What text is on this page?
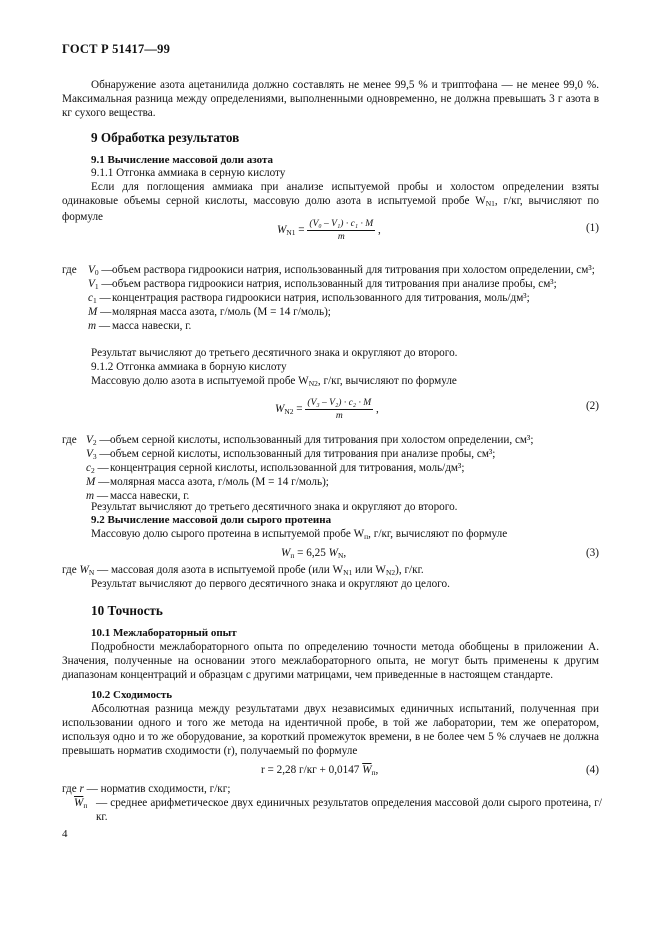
ГОСТ Р 51417—99
Обнаружение азота ацетанилида должно составлять не менее 99,5 % и триптофана — не менее 99,0 %. Максимальная разница между определениями, выполненными одновременно, не должна превышать 3 г азота в кг сухого вещества.
9 Обработка результатов
9.1 Вычисление массовой доли азота
9.1.1 Отгонка аммиака в серную кислоту
Если для поглощения аммиака при анализе испытуемой пробы и холостом определении взяты одинаковые объемы серной кислоты, массовую долю азота в испытуемой пробе $W_{N1}$, г/кг, вычисляют по формуле
$W_{N1} = \frac{\text{(V₀ – V₁) · c₁ · M}}{m}$ ,	(1)
где $V_0$ — объем раствора гидроокиси натрия, использованный для титрования при холостом определении, см³;
$V_1$ — объем раствора гидроокиси натрия, использованный для титрования при анализе пробы, см³;
$c_1$ — концентрация раствора гидроокиси натрия, использованного для титрования, моль/дм³;
M — молярная масса азота, г/моль (M = 14 г/моль);
m — масса навески, г.
Результат вычисляют до третьего десятичного знака и округляют до второго.
9.1.2 Отгонка аммиака в борную кислоту
Массовую долю азота в испытуемой пробе $W_{N2}$, г/кг, вычисляют по формуле
$W_{N2} = \frac{\text{(V₃ – V₂) · c₂ · M}}{m}$ ,	(2)
где $V_2$ — объем серной кислоты, использованный для титрования при холостом определении, см³;
$V_3$ — объем серной кислоты, использованный для титрования при анализе пробы, см³;
$c_2$ — концентрация серной кислоты, использованной для титрования, моль/дм³;
M — молярная масса азота, г/моль (M = 14 г/моль);
m — масса навески, г.
Результат вычисляют до третьего десятичного знака и округляют до второго.
9.2 Вычисление массовой доли сырого протеина
Массовую долю сырого протеина в испытуемой пробе $W_п$, г/кг, вычисляют по формуле
$W_п = 6,25$ $W_N$,	(3)
где $W_N$ — массовая доля азота в испытуемой пробе (или $W_{N1}$ или $W_{N2}$), г/кг.
Результат вычисляют до первого десятичного знака и округляют до целого.
10 Точность
10.1 Межлабораторный опыт
Подробности межлабораторного опыта по определению точности метода обобщены в приложении А. Значения, полученные на основании этого межлабораторного опыта, не могут быть применены к другим диапазонам концентраций и образцам с другими матрицами, чем приведенные в настоящем стандарте.
10.2 Сходимость
Абсолютная разница между результатами двух независимых единичных испытаний, полученная при использовании одного и того же метода на идентичной пробе, в той же лаборатории, тем же оператором, используя одно и то же оборудование, за короткий промежуток времени, в не более чем 5 % случаев не должна превышать норматив сходимости (r), получаемый по формуле
r = 2,28 г/кг + 0,0147 $\overline{W}_п$,	(4)
где r — норматив сходимости, г/кг;
$\overline{W}_п$ — среднее арифметическое двух единичных результатов определения массовой доли сырого протеина, г/кг.
4
